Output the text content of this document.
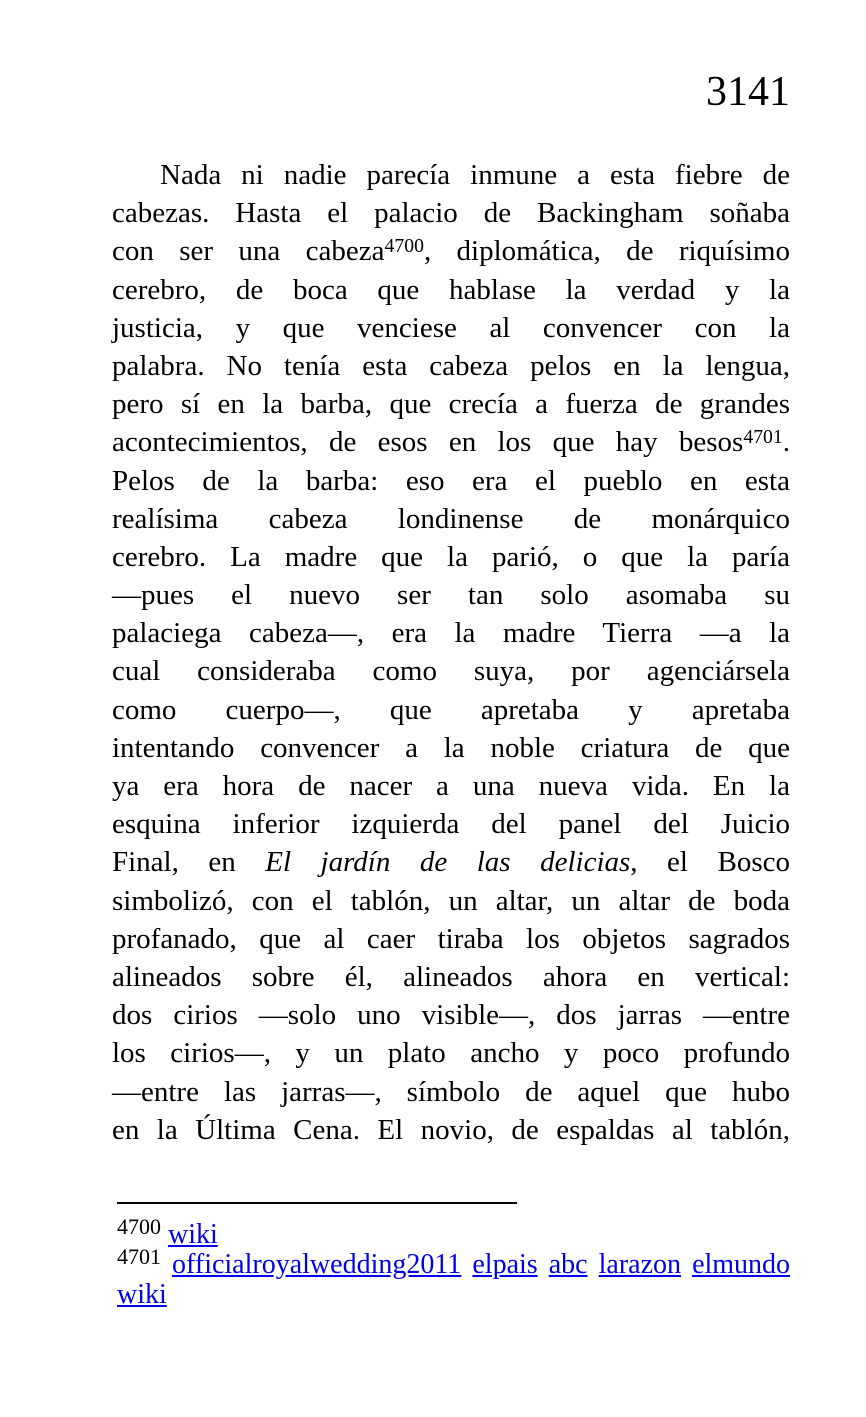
3141
Nada ni nadie parecía inmune a esta fiebre de
cabezas. Hasta el palacio de Backingham soñaba
con ser una cabeza$^{4700}$, diplomática, de riquísimo
cerebro, de boca que hablase la verdad y la
justicia, y que venciese al convencer con la
palabra. No tenía esta cabeza pelos en la lengua,
pero sí en la barba, que crecía a fuerza de grandes
acontecimientos, de esos en los que hay besos$^{4701}$.
Pelos de la barba: eso era el pueblo en esta
realísima cabeza londinense de monárquico
cerebro. La madre que la parió, o que la paría
—pues el nuevo ser tan solo asomaba su
palaciega cabeza—, era la madre Tierra —a la
cual consideraba como suya, por agenciársela
como cuerpo—, que apretaba y apretaba
intentando convencer a la noble criatura de que
ya era hora de nacer a una nueva vida. En la
esquina inferior izquierda del panel del Juicio
Final, en El jardín de las delicias, el Bosco
simbolizó, con el tablón, un altar, un altar de boda
profanado, que al caer tiraba los objetos sagrados
alineados sobre él, alineados ahora en vertical:
dos cirios —solo uno visible—, dos jarras —entre
los cirios—, y un plato ancho y poco profundo
—entre las jarras—, símbolo de aquel que hubo
en la Última Cena. El novio, de espaldas al tablón,
$^{4700}$ wiki
$^{4701}$ officialroyalwedding2011 elpais abc larazon elmundo
wiki
